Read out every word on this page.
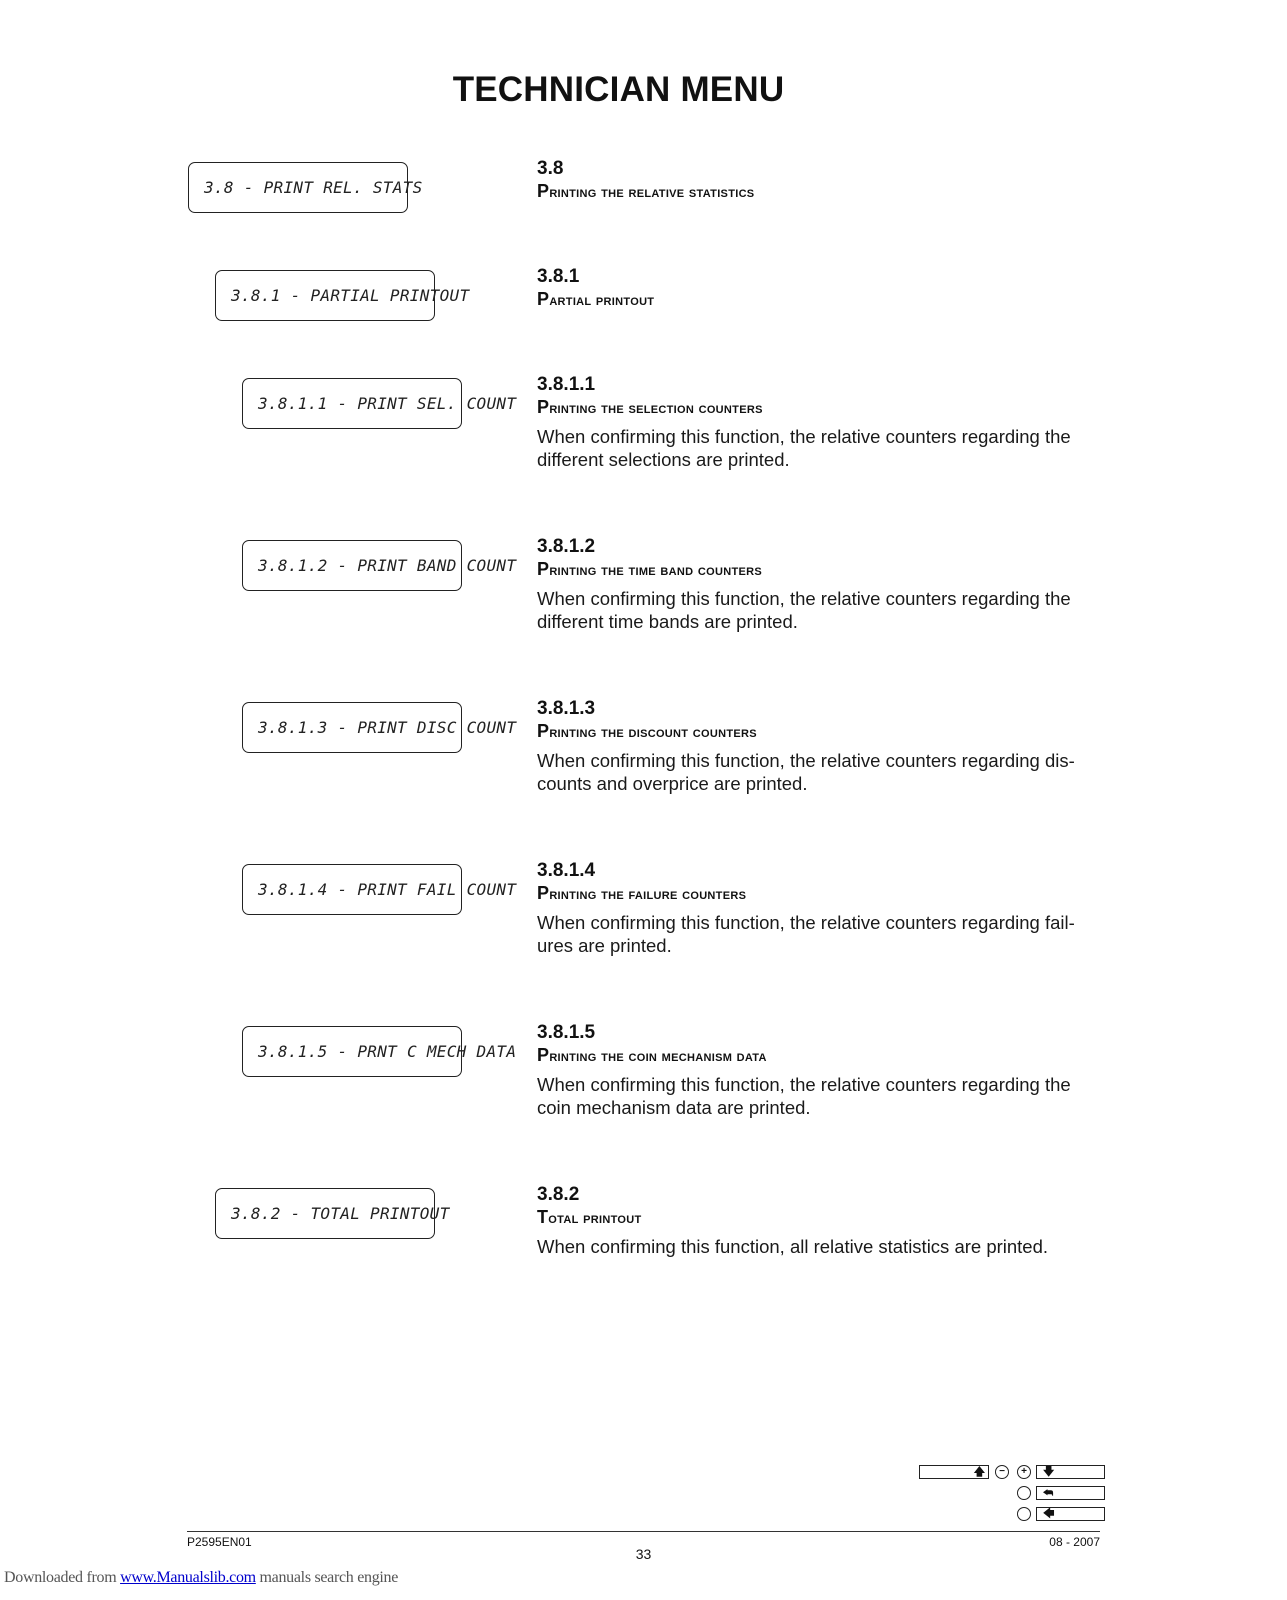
TECHNICIAN MENU
3.8 - PRINT REL. STATS
3.8.1 - PARTIAL PRINTOUT
3.8.1.1 - PRINT SEL. COUNT
3.8.1.2 - PRINT BAND COUNT
3.8.1.3 - PRINT DISC COUNT
3.8.1.4 - PRINT FAIL COUNT
3.8.1.5 - PRNT C MECH DATA
3.8.2 - TOTAL PRINTOUT
3.8
Printing the relative statistics
3.8.1
Partial printout
3.8.1.1
Printing the selection counters
When confirming this function, the relative counters regarding the different selections are printed.
3.8.1.2
Printing the time band counters
When confirming this function, the relative counters regarding the different time bands are printed.
3.8.1.3
Printing the discount counters
When confirming this function, the relative counters regarding dis-counts and overprice are printed.
3.8.1.4
Printing the failure counters
When confirming this function, the relative counters regarding fail-ures are printed.
3.8.1.5
Printing the coin mechanism data
When confirming this function, the relative counters regarding the coin mechanism data are printed.
3.8.2
Total printout
When confirming this function, all relative statistics are printed.
🡅	−	+	🡇
⮪
🡄
P2595EN01	08 - 2007
33
Downloaded from www.Manualslib.com manuals search engine
